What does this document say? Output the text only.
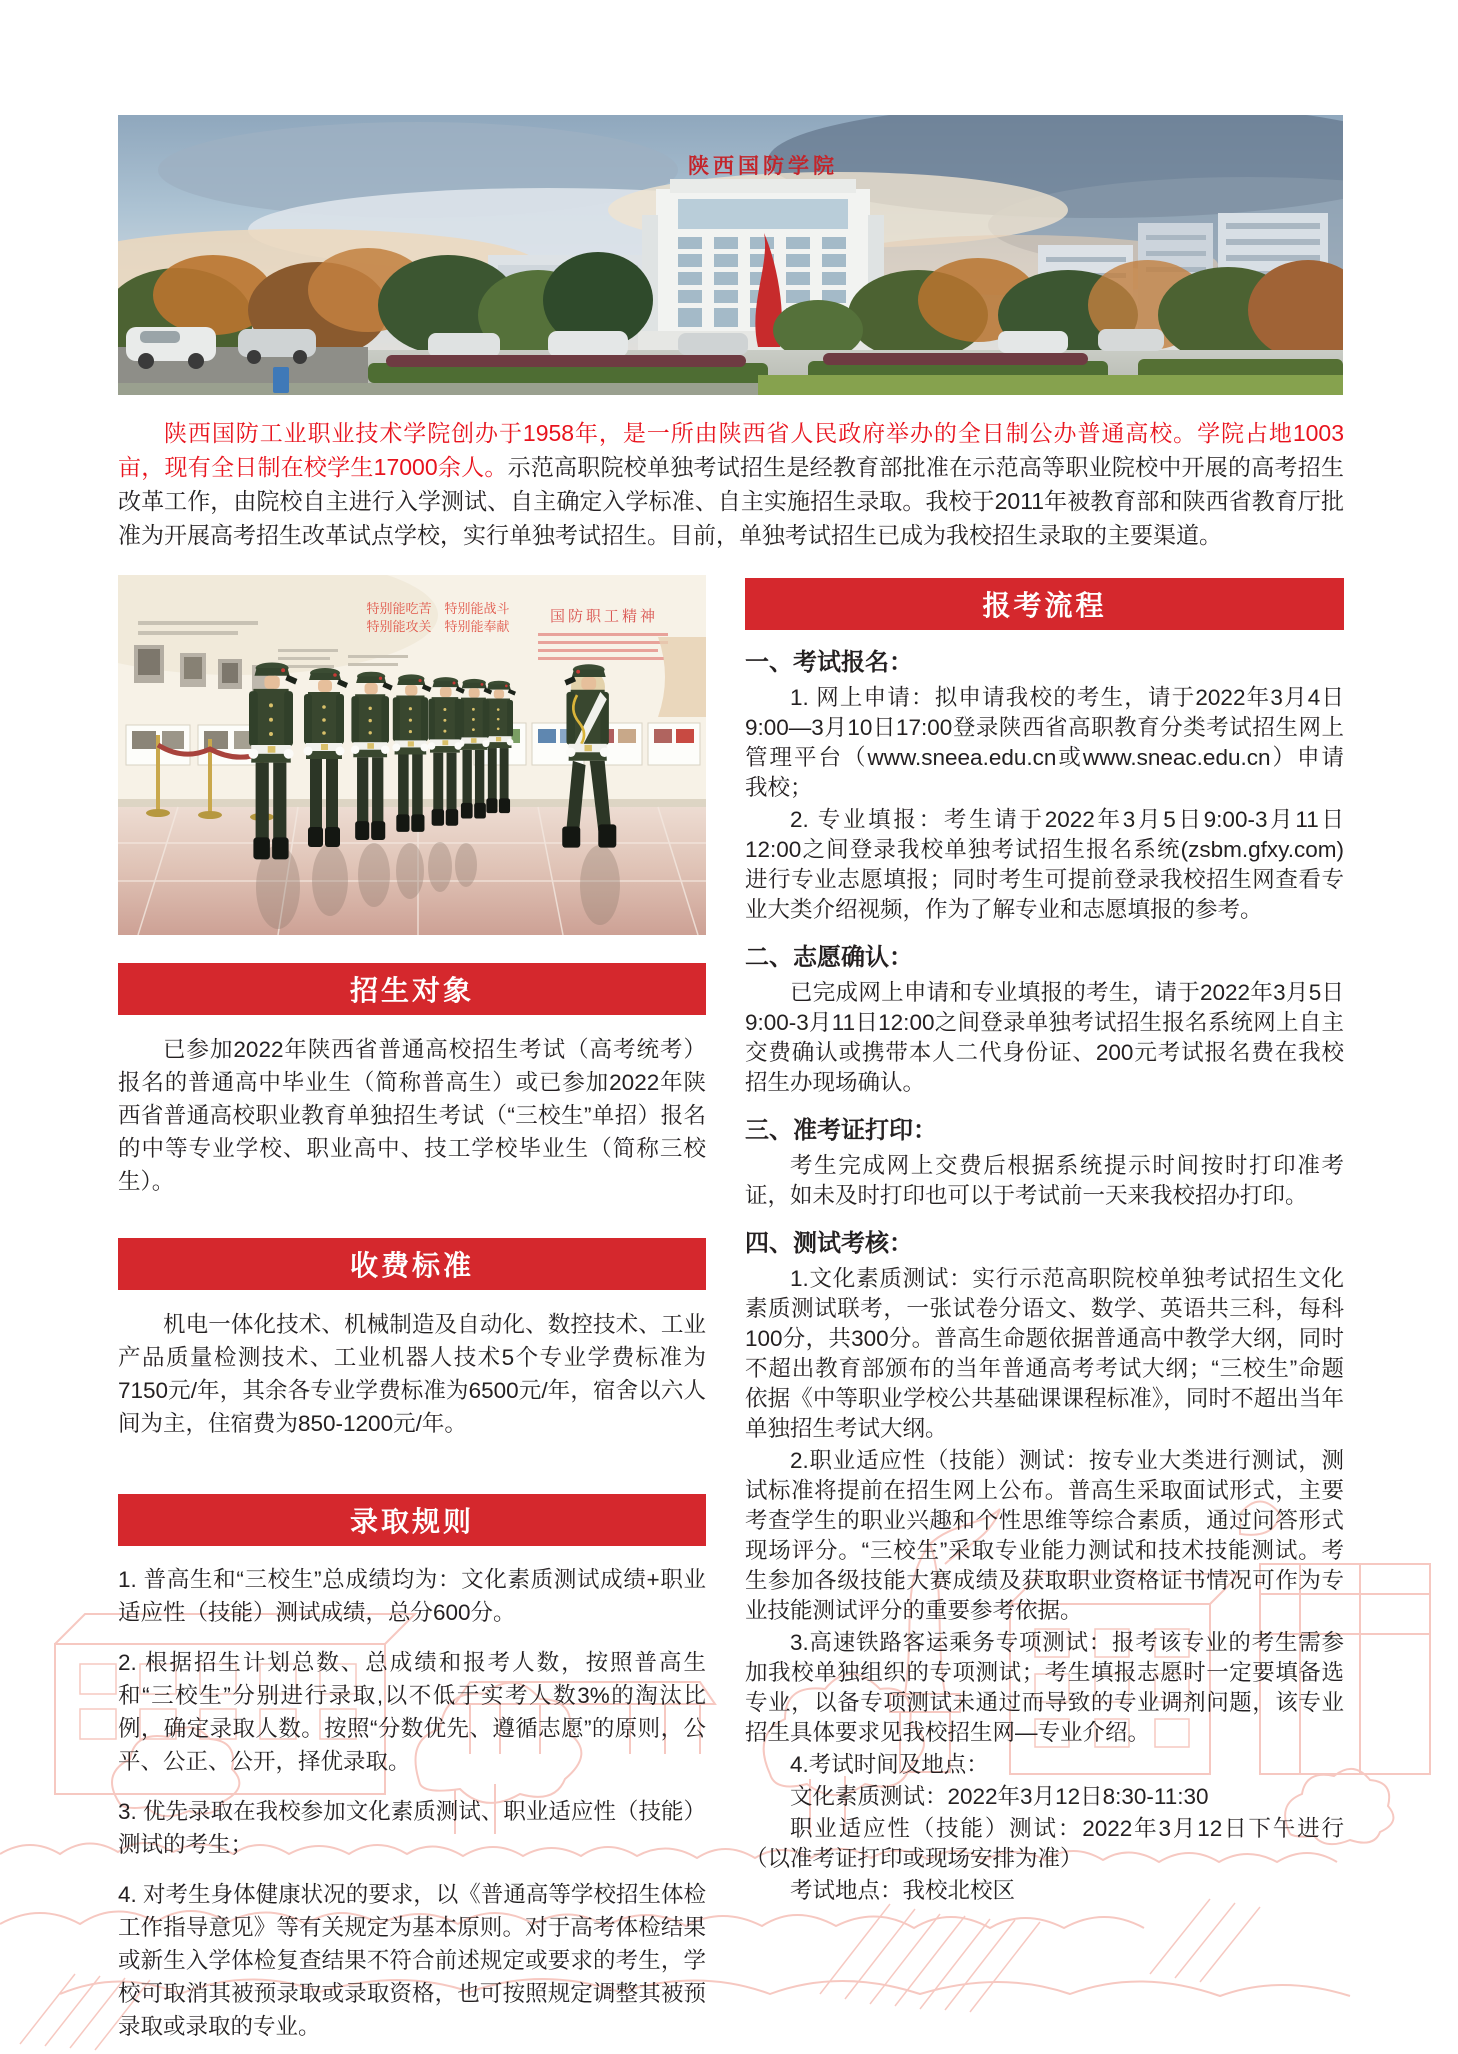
陕西国防学院

陕西国防工业职业技术学院创办于1958年，是一所由陕西省人民政府举办的全日制公办普通高校。学院占地1003亩，现有全日制在校学生17000余人。示范高职院校单独考试招生是经教育部批准在示范高等职业院校中开展的高考招生改革工作，由院校自主进行入学测试、自主确定入学标准、自主实施招生录取。我校于2011年被教育部和陕西省教育厅批准为开展高考招生改革试点学校，实行单独考试招生。目前，单独考试招生已成为我校招生录取的主要渠道。

特别能吃苦　特别能战斗
特别能攻关　特别能奉献
国防职工精神
招生对象

已参加2022年陕西省普通高校招生考试（高考统考）报名的普通高中毕业生（简称普高生）或已参加2022年陕西省普通高校职业教育单独招生考试（“三校生”单招）报名的中等专业学校、职业高中、技工学校毕业生（简称三校生）。

收费标准

机电一体化技术、机械制造及自动化、数控技术、工业产品质量检测技术、工业机器人技术5个专业学费标准为7150元/年，其余各专业学费标准为6500元/年，宿舍以六人间为主，住宿费为850-1200元/年。

录取规则

1. 普高生和“三校生”总成绩均为：文化素质测试成绩+职业适应性（技能）测试成绩，总分600分。

2. 根据招生计划总数、总成绩和报考人数，按照普高生和“三校生”分别进行录取,以不低于实考人数3%的淘汰比例，确定录取人数。按照“分数优先、遵循志愿”的原则，公平、公正、公开，择优录取。

3. 优先录取在我校参加文化素质测试、职业适应性（技能）测试的考生；

4. 对考生身体健康状况的要求，以《普通高等学校招生体检工作指导意见》等有关规定为基本原则。对于高考体检结果或新生入学体检复查结果不符合前述规定或要求的考生，学校可取消其被预录取或录取资格，也可按照规定调整其被预录取或录取的专业。

报考流程
一、考试报名：

1. 网上申请：拟申请我校的考生，请于2022年3月4日9:00—3月10日17:00登录陕西省高职教育分类考试招生网上管理平台（www.sneea.edu.cn或www.sneac.edu.cn）申请我校；

2. 专业填报：考生请于2022年3月5日9:00-3月11日12:00之间登录我校单独考试招生报名系统(zsbm.gfxy.com)进行专业志愿填报；同时考生可提前登录我校招生网查看专业大类介绍视频，作为了解专业和志愿填报的参考。

二、志愿确认：

已完成网上申请和专业填报的考生，请于2022年3月5日9:00-3月11日12:00之间登录单独考试招生报名系统网上自主交费确认或携带本人二代身份证、200元考试报名费在我校招生办现场确认。

三、准考证打印：

考生完成网上交费后根据系统提示时间按时打印准考证，如未及时打印也可以于考试前一天来我校招办打印。

四、测试考核：

1.文化素质测试：实行示范高职院校单独考试招生文化素质测试联考，一张试卷分语文、数学、英语共三科，每科100分，共300分。普高生命题依据普通高中教学大纲，同时不超出教育部颁布的当年普通高考考试大纲；“三校生”命题依据《中等职业学校公共基础课课程标准》，同时不超出当年单独招生考试大纲。

2.职业适应性（技能）测试：按专业大类进行测试，测试标准将提前在招生网上公布。普高生采取面试形式，主要考查学生的职业兴趣和个性思维等综合素质，通过问答形式现场评分。“三校生”采取专业能力测试和技术技能测试。考生参加各级技能大赛成绩及获取职业资格证书情况可作为专业技能测试评分的重要参考依据。

3.高速铁路客运乘务专项测试：报考该专业的考生需参加我校单独组织的专项测试；考生填报志愿时一定要填备选专业，以备专项测试未通过而导致的专业调剂问题，该专业招生具体要求见我校招生网—专业介绍。

4.考试时间及地点：

文化素质测试：2022年3月12日8:30-11:30

职业适应性（技能）测试：2022年3月12日下午进行（以准考证打印或现场安排为准）

考试地点：我校北校区
